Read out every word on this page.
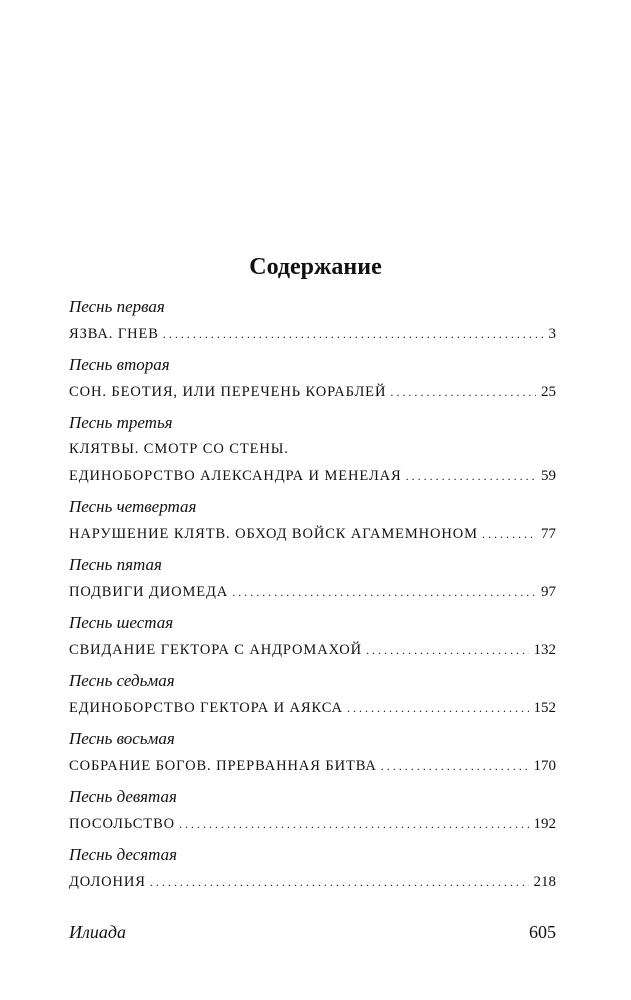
Содержание
Песнь первая
ЯЗВА. ГНЕВ . . .	3
Песнь вторая
СОН. БЕОТИЯ, ИЛИ ПЕРЕЧЕНЬ КОРАБЛЕЙ . . .	25
Песнь третья
КЛЯТВЫ. СМОТР СО СТЕНЫ.
ЕДИНОБОРСТВО АЛЕКСАНДРА И МЕНЕЛАЯ . . .	59
Песнь четвертая
НАРУШЕНИЕ КЛЯТВ. ОБХОД ВОЙСК АГАМЕМНОНОМ . . .	77
Песнь пятая
ПОДВИГИ ДИОМЕДА . . .	97
Песнь шестая
СВИДАНИЕ ГЕКТОРА С АНДРОМАХОЙ . . .	132
Песнь седьмая
ЕДИНОБОРСТВО ГЕКТОРА И АЯКСА . . .	152
Песнь восьмая
СОБРАНИЕ БОГОВ. ПРЕРВАННАЯ БИТВА . . .	170
Песнь девятая
ПОСОЛЬСТВО . . .	192
Песнь десятая
ДОЛОНИЯ . . .	218
Илиада	605
